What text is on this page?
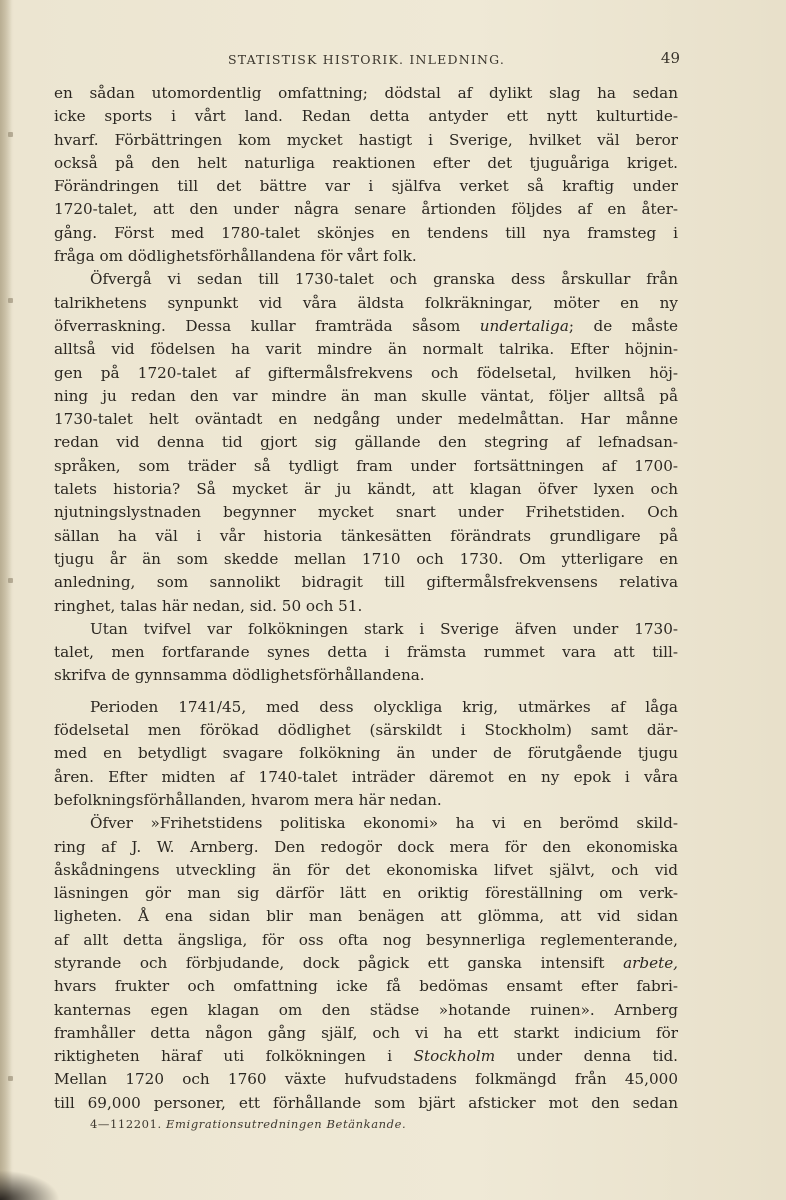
STATISTISK HISTORIK. INLEDNING.	49
en sådan utomordentlig omfattning; dödstal af dylikt slag ha sedan
icke sports i vårt land. Redan detta antyder ett nytt kulturtide-
hvarf. Förbättringen kom mycket hastigt i Sverige, hvilket väl beror
också på den helt naturliga reaktionen efter det tjuguåriga kriget.
Förändringen till det bättre var i själfva verket så kraftig under
1720-talet, att den under några senare årtionden följdes af en åter-
gång. Först med 1780-talet skönjes en tendens till nya framsteg i
fråga om dödlighetsförhållandena för vårt folk.
Öfvergå vi sedan till 1730-talet och granska dess årskullar från
talrikhetens synpunkt vid våra äldsta folkräkningar, möter en ny
öfverraskning. Dessa kullar framträda såsom undertaliga; de måste
alltså vid födelsen ha varit mindre än normalt talrika. Efter höjnin-
gen på 1720-talet af giftermålsfrekvens och födelsetal, hvilken höj-
ning ju redan den var mindre än man skulle väntat, följer alltså på
1730-talet helt oväntadt en nedgång under medelmåttan. Har månne
redan vid denna tid gjort sig gällande den stegring af lefnadsan-
språken, som träder så tydligt fram under fortsättningen af 1700-
talets historia? Så mycket är ju kändt, att klagan öfver lyxen och
njutningslystnaden begynner mycket snart under Frihetstiden. Och
sällan ha väl i vår historia tänkesätten förändrats grundligare på
tjugu år än som skedde mellan 1710 och 1730. Om ytterligare en
anledning, som sannolikt bidragit till giftermålsfrekvensens relativa
ringhet, talas här nedan, sid. 50 och 51.
Utan tvifvel var folkökningen stark i Sverige äfven under 1730-
talet, men fortfarande synes detta i främsta rummet vara att till-
skrifva de gynnsamma dödlighetsförhållandena.
Perioden 1741/45, med dess olyckliga krig, utmärkes af låga
födelsetal men förökad dödlighet (särskildt i Stockholm) samt där-
med en betydligt svagare folkökning än under de förutgående tjugu
åren. Efter midten af 1740-talet inträder däremot en ny epok i våra
befolkningsförhållanden, hvarom mera här nedan.
Öfver »Frihetstidens politiska ekonomi» ha vi en berömd skild-
ring af J. W. Arnberg. Den redogör dock mera för den ekonomiska
åskådningens utveckling än för det ekonomiska lifvet självt, och vid
läsningen gör man sig därför lätt en oriktig föreställning om verk-
ligheten. Å ena sidan blir man benägen att glömma, att vid sidan
af allt detta ängsliga, för oss ofta nog besynnerliga reglementerande,
styrande och förbjudande, dock pågick ett ganska intensift arbete,
hvars frukter och omfattning icke få bedömas ensamt efter fabri-
kanternas egen klagan om den städse »hotande ruinen». Arnberg
framhåller detta någon gång själf, och vi ha ett starkt indicium för
riktigheten häraf uti folkökningen i Stockholm under denna tid.
Mellan 1720 och 1760 växte hufvudstadens folkmängd från 45,000
till 69,000 personer, ett förhållande som bjärt afsticker mot den sedan
4—112201. Emigrationsutredningen Betänkande.
